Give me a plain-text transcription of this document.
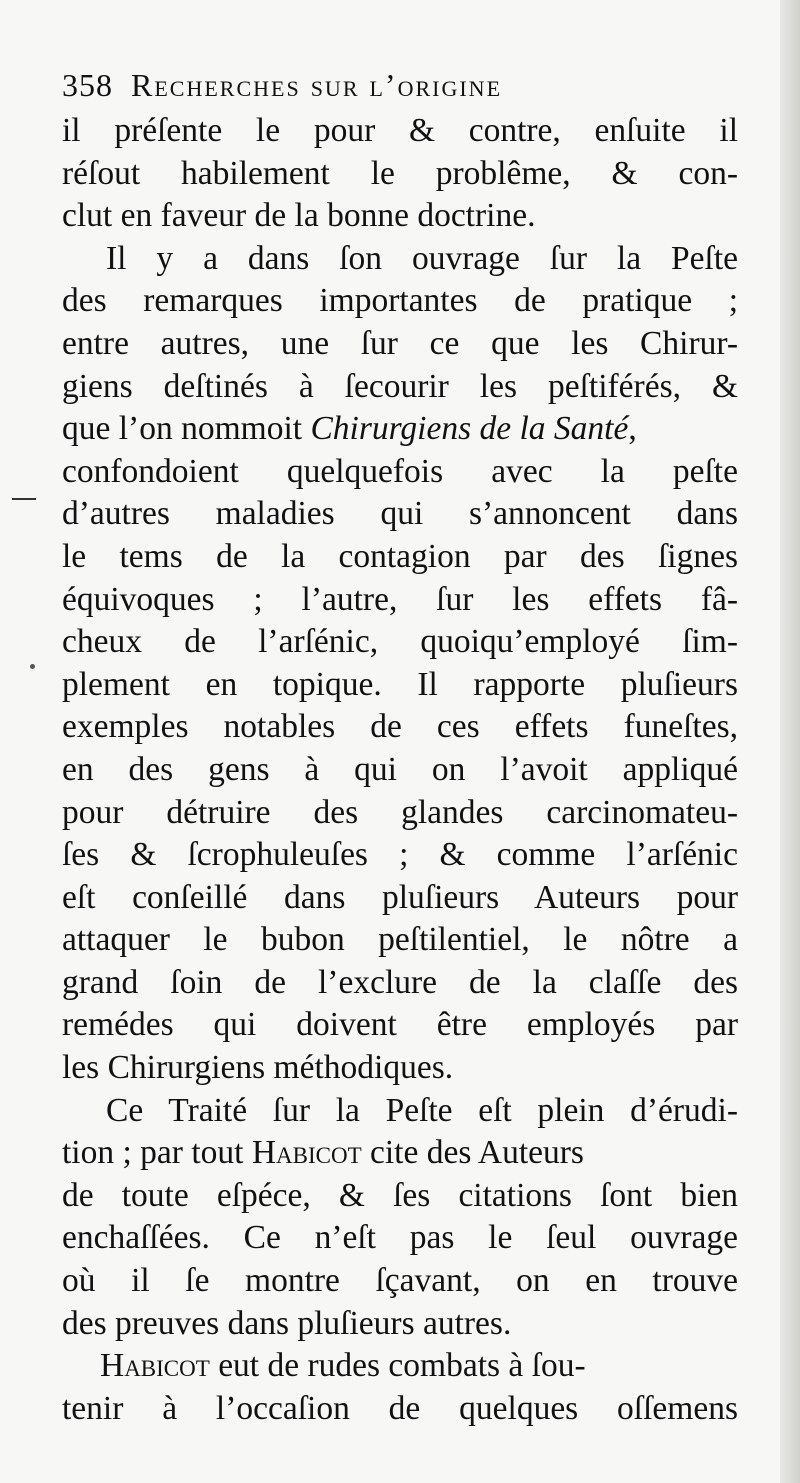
358 Recherches sur l’origine
il préſente le pour & contre, enſuite il
réſout habilement le problême, & con-
clut en faveur de la bonne doctrine.
Il y a dans ſon ouvrage ſur la Peſte
des remarques importantes de pratique ;
entre autres, une ſur ce que les Chirur-
giens deſtinés à ſecourir les peſtiférés, &
que l’on nommoit Chirurgiens de la Santé,
confondoient quelquefois avec la peſte
d’autres maladies qui s’annoncent dans
le tems de la contagion par des ſignes
équivoques ; l’autre, ſur les effets fâ-
cheux de l’arſénic, quoiqu’employé ſim-
plement en topique. Il rapporte pluſieurs
exemples notables de ces effets funeſtes,
en des gens à qui on l’avoit appliqué
pour détruire des glandes carcinomateu-
ſes & ſcrophuleuſes ; & comme l’arſénic
eſt conſeillé dans pluſieurs Auteurs pour
attaquer le bubon peſtilentiel, le nôtre a
grand ſoin de l’exclure de la claſſe des
remédes qui doivent être employés par
les Chirurgiens méthodiques.
Ce Traité ſur la Peſte eſt plein d’érudi-
tion ; par tout Habicot cite des Auteurs
de toute eſpéce, & ſes citations ſont bien
enchaſſées. Ce n’eſt pas le ſeul ouvrage
où il ſe montre ſçavant, on en trouve
des preuves dans pluſieurs autres.
Habicot eut de rudes combats à ſou-
tenir à l’occaſion de quelques oſſemens
